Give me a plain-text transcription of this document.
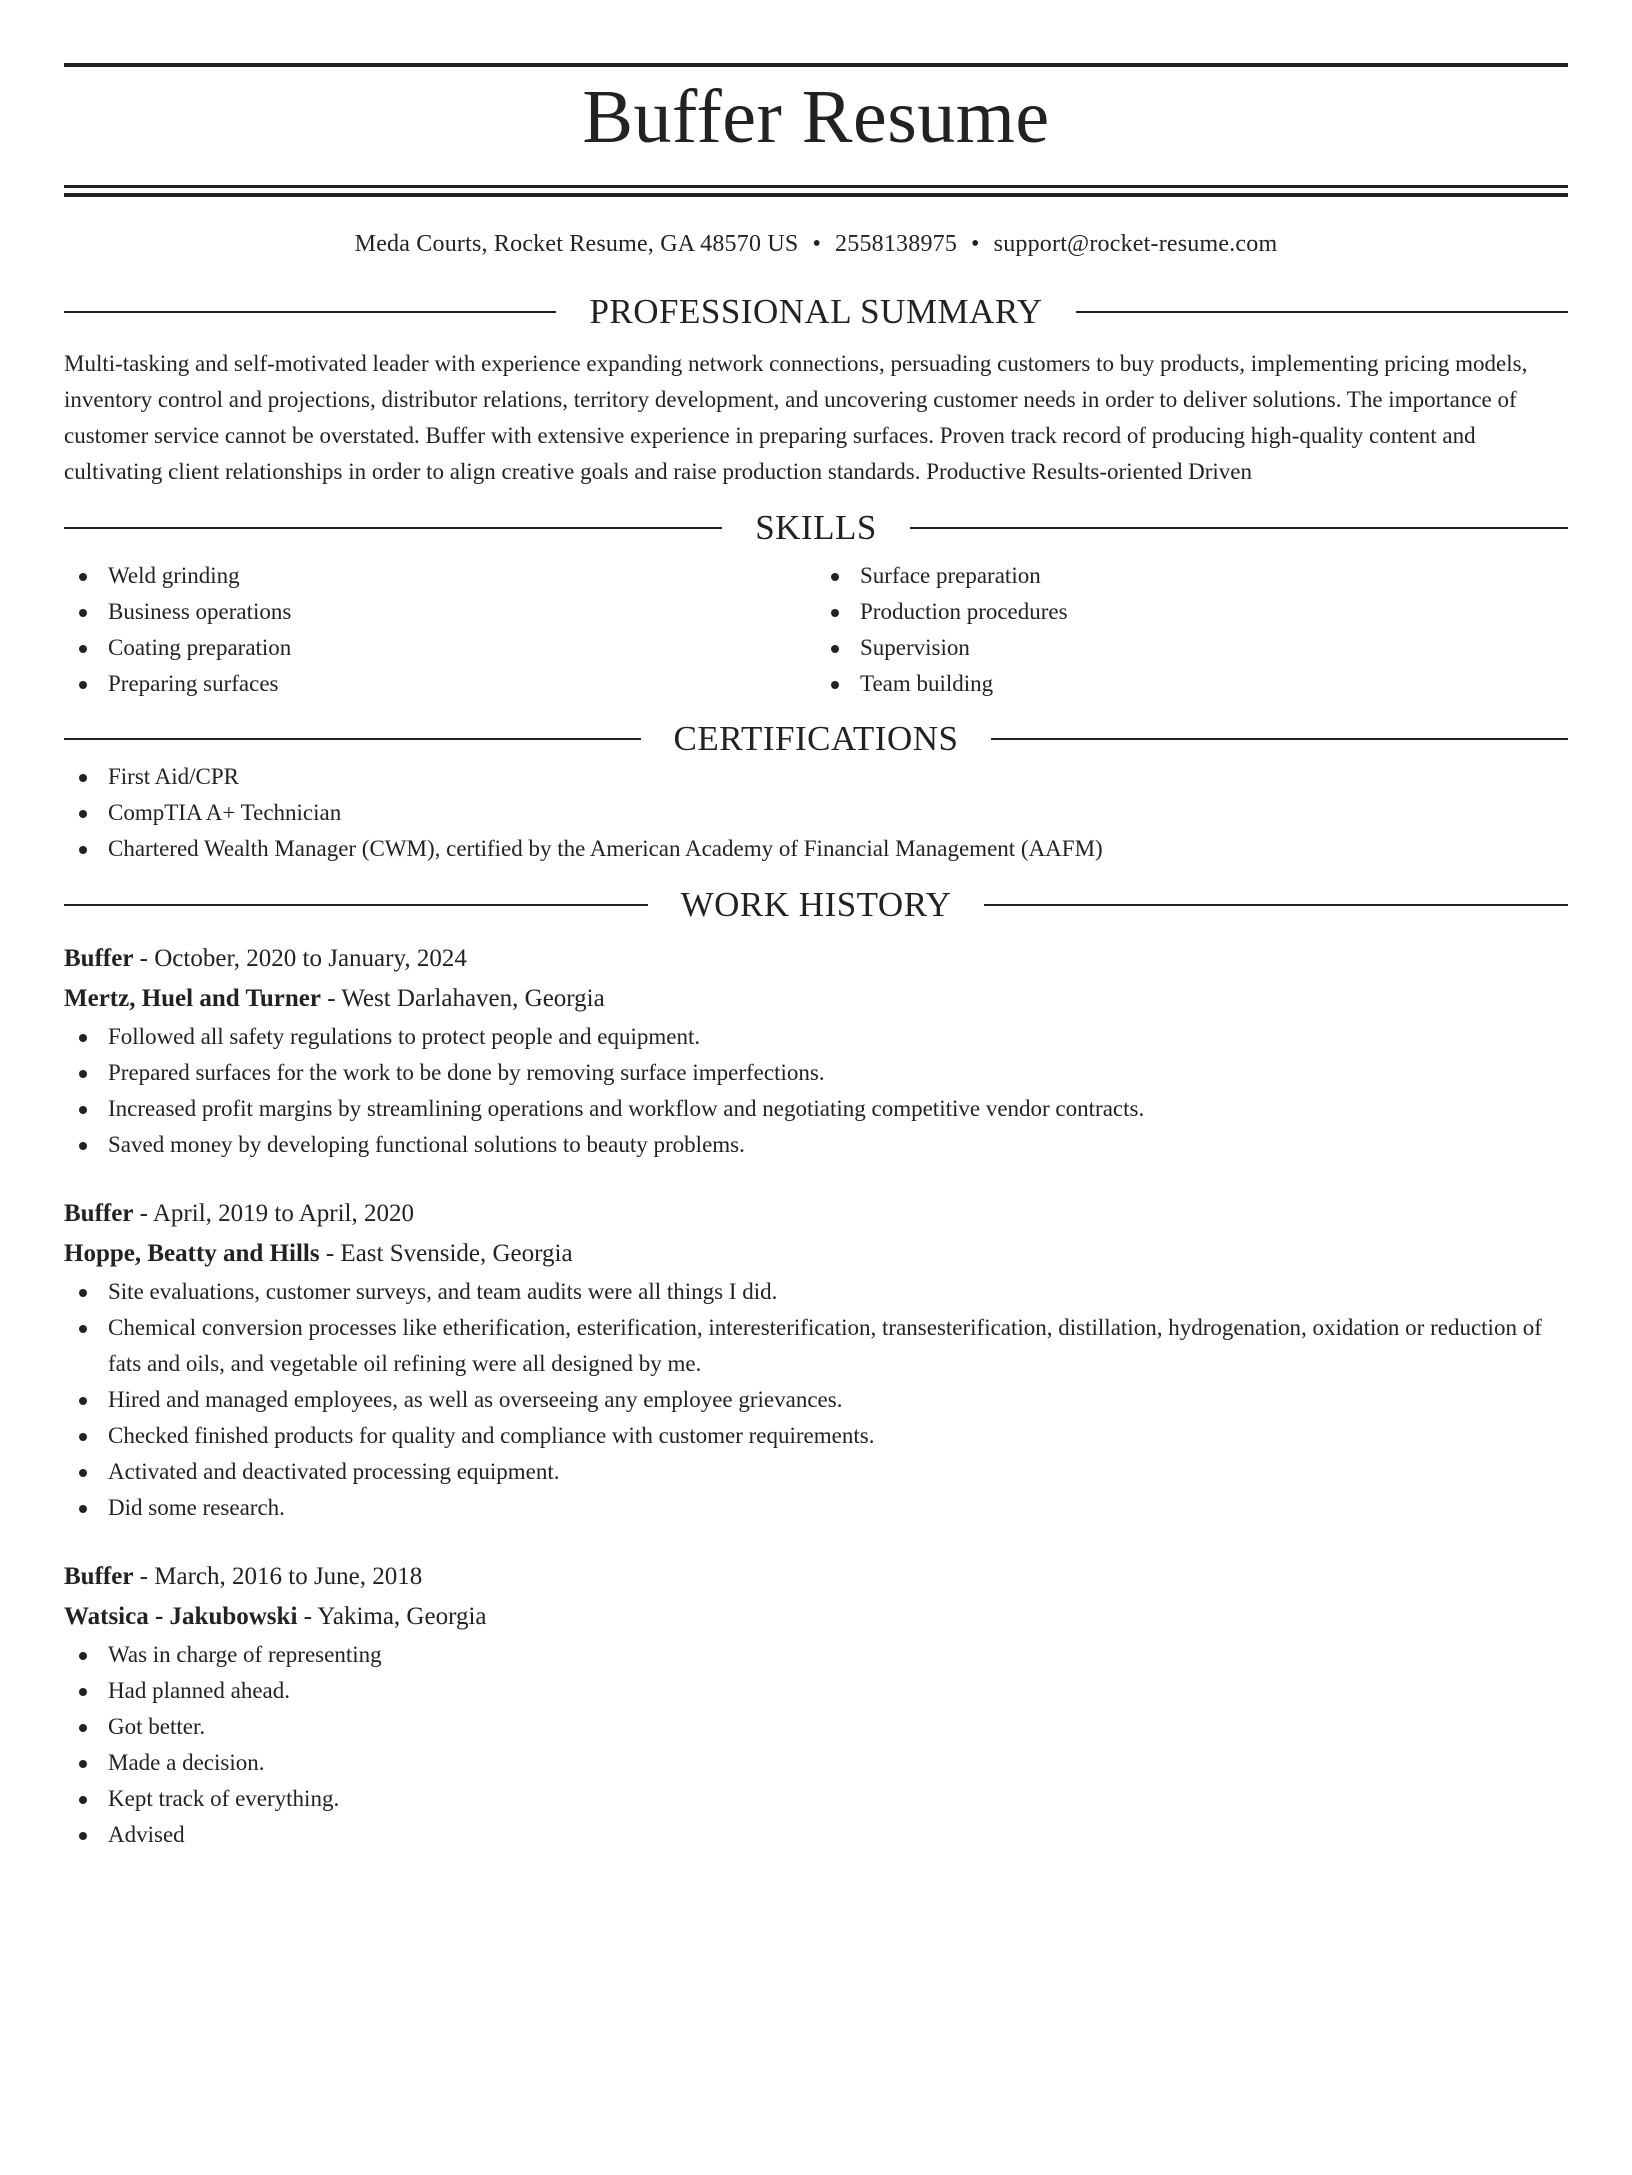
Buffer Resume
Meda Courts, Rocket Resume, GA 48570 US • 2558138975 • support@rocket-resume.com
PROFESSIONAL SUMMARY

Multi-tasking and self-motivated leader with experience expanding network connections, persuading customers to buy products, implementing pricing models, inventory control and projections, distributor relations, territory development, and uncovering customer needs in order to deliver solutions. The importance of customer service cannot be overstated. Buffer with extensive experience in preparing surfaces. Proven track record of producing high-quality content and cultivating client relationships in order to align creative goals and raise production standards. Productive Results-oriented Driven

SKILLS
Weld grinding
Business operations
Coating preparation
Preparing surfaces
Surface preparation
Production procedures
Supervision
Team building
CERTIFICATIONS
First Aid/CPR
CompTIA A+ Technician
Chartered Wealth Manager (CWM), certified by the American Academy of Financial Management (AAFM)
WORK HISTORY
Buffer - October, 2020 to January, 2024
Mertz, Huel and Turner - West Darlahaven, Georgia
Followed all safety regulations to protect people and equipment.
Prepared surfaces for the work to be done by removing surface imperfections.
Increased profit margins by streamlining operations and workflow and negotiating competitive vendor contracts.
Saved money by developing functional solutions to beauty problems.
Buffer - April, 2019 to April, 2020
Hoppe, Beatty and Hills - East Svenside, Georgia
Site evaluations, customer surveys, and team audits were all things I did.
Chemical conversion processes like etherification, esterification, interesterification, transesterification, distillation, hydrogenation, oxidation or reduction of fats and oils, and vegetable oil refining were all designed by me.
Hired and managed employees, as well as overseeing any employee grievances.
Checked finished products for quality and compliance with customer requirements.
Activated and deactivated processing equipment.
Did some research.
Buffer - March, 2016 to June, 2018
Watsica - Jakubowski - Yakima, Georgia
Was in charge of representing
Had planned ahead.
Got better.
Made a decision.
Kept track of everything.
Advised
